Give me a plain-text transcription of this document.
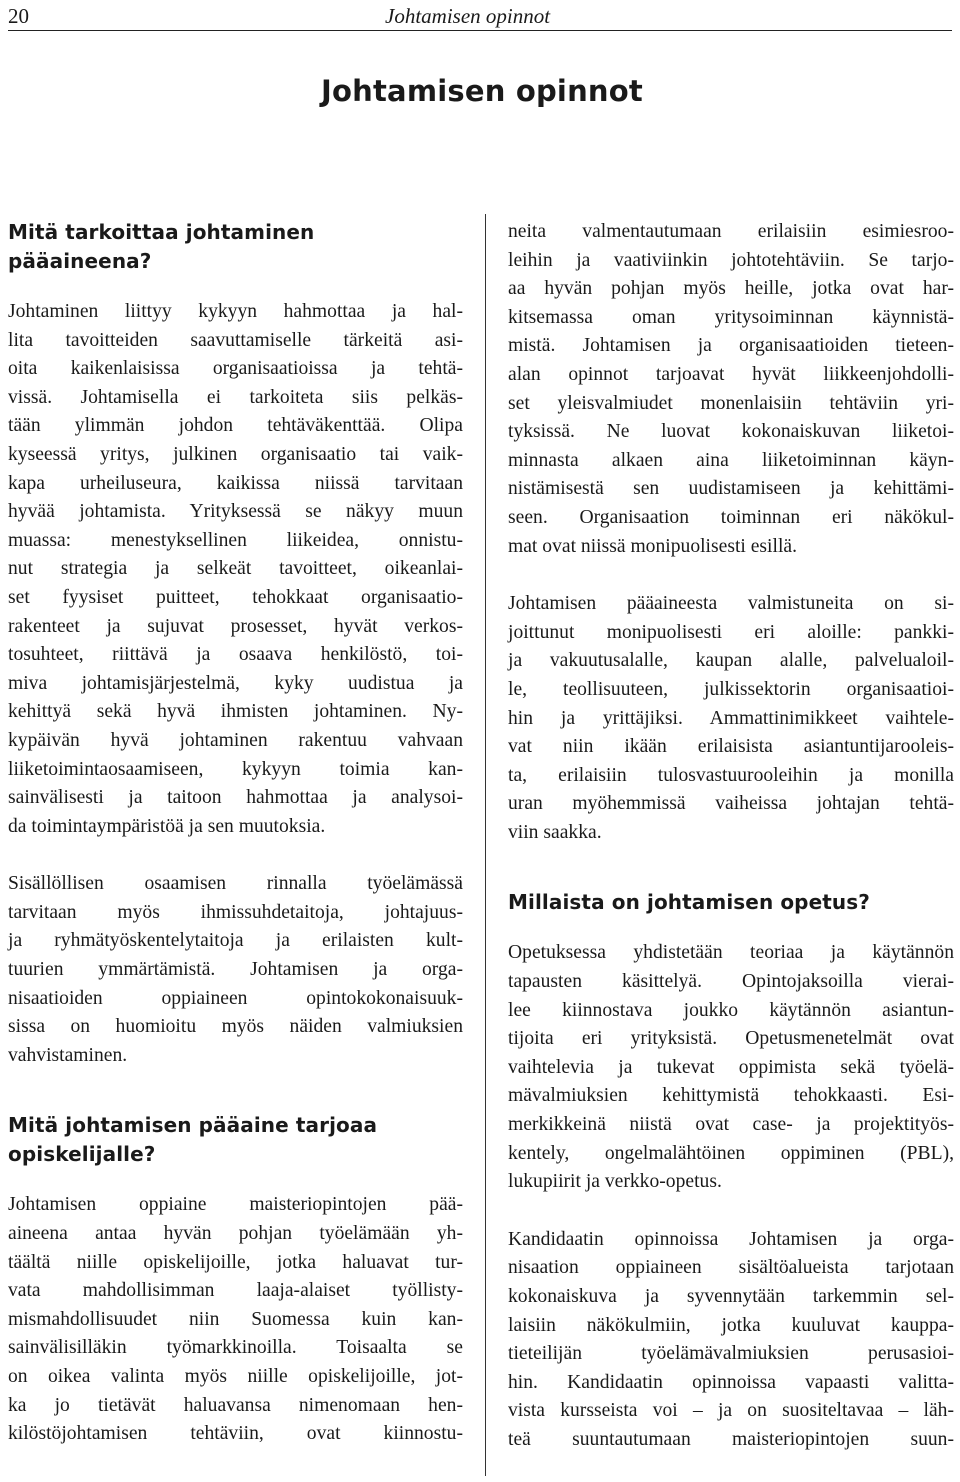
20	Johtamisen opinnot
Johtamisen opinnot
Mitä tarkoittaa johtaminen
pääaineena?

Johtaminen liittyy kykyyn hahmottaa ja hal-
lita tavoitteiden saavuttamiselle tärkeitä asi-
oita kaikenlaisissa organisaatioissa ja tehtä-
vissä. Johtamisella ei tarkoiteta siis pelkäs-
tään ylimmän johdon tehtäväkenttää. Olipa
kyseessä yritys, julkinen organisaatio tai vaik-
kapa urheiluseura, kaikissa niissä tarvitaan
hyvää johtamista. Yrityksessä se näkyy muun
muassa: menestyksellinen liikeidea, onnistu-
nut strategia ja selkeät tavoitteet, oikeanlai-
set fyysiset puitteet, tehokkaat organisaatio-
rakenteet ja sujuvat prosesset, hyvät verkos-
tosuhteet, riittävä ja osaava henkilöstö, toi-
miva johtamisjärjestelmä, kyky uudistua ja
kehittyä sekä hyvä ihmisten johtaminen. Ny-
kypäivän hyvä johtaminen rakentuu vahvaan
liiketoimintaosaamiseen, kykyyn toimia kan-
sainvälisesti ja taitoon hahmottaa ja analysoi-
da toimintaympäristöä ja sen muutoksia.

Sisällöllisen osaamisen rinnalla työelämässä
tarvitaan myös ihmissuhdetaitoja, johtajuus-
ja ryhmätyöskentelytaitoja ja erilaisten kult-
tuurien ymmärtämistä. Johtamisen ja orga-
nisaatioiden oppiaineen opintokokonaisuuk-
sissa on huomioitu myös näiden valmiuksien
vahvistaminen.

Mitä johtamisen pääaine tarjoaa
opiskelijalle?

Johtamisen oppiaine maisteriopintojen pää-
aineena antaa hyvän pohjan työelämään yh-
täältä niille opiskelijoille, jotka haluavat tur-
vata mahdollisimman laaja-alaiset työllisty-
mismahdollisuudet niin Suomessa kuin kan-
sainvälisilläkin työmarkkinoilla. Toisaalta se
on oikea valinta myös niille opiskelijoille, jot-
ka jo tietävät haluavansa nimenomaan hen-
kilöstöjohtamisen tehtäviin, ovat kiinnostu-

neita valmentautumaan erilaisiin esimiesroo-
leihin ja vaativiinkin johtotehtäviin. Se tarjo-
aa hyvän pohjan myös heille, jotka ovat har-
kitsemassa oman yritysoiminnan käynnistä-
mistä. Johtamisen ja organisaatioiden tieteen-
alan opinnot tarjoavat hyvät liikkeenjohdolli-
set yleisvalmiudet monenlaisiin tehtäviin yri-
tyksissä. Ne luovat kokonaiskuvan liiketoi-
minnasta alkaen aina liiketoiminnan käyn-
nistämisestä sen uudistamiseen ja kehittämi-
seen. Organisaation toiminnan eri näkökul-
mat ovat niissä monipuolisesti esillä.

Johtamisen pääaineesta valmistuneita on si-
joittunut monipuolisesti eri aloille: pankki-
ja vakuutusalalle, kaupan alalle, palvelualoil-
le, teollisuuteen, julkissektorin organisaatioi-
hin ja yrittäjiksi. Ammattinimikkeet vaihtele-
vat niin ikään erilaisista asiantuntijarooleis-
ta, erilaisiin tulosvastuurooleihin ja monilla
uran myöhemmissä vaiheissa johtajan tehtä-
viin saakka.

Millaista on johtamisen opetus?

Opetuksessa yhdistetään teoriaa ja käytännön
tapausten käsittelyä. Opintojaksoilla vierai-
lee kiinnostava joukko käytännön asiantun-
tijoita eri yrityksistä. Opetusmenetelmät ovat
vaihtelevia ja tukevat oppimista sekä työelä-
mävalmiuksien kehittymistä tehokkaasti. Esi-
merkikkeinä niistä ovat case- ja projektityös-
kentely, ongelmalähtöinen oppiminen (PBL),
lukupiirit ja verkko-opetus.

Kandidaatin opinnoissa Johtamisen ja orga-
nisaation oppiaineen sisältöalueista tarjotaan
kokonaiskuva ja syvennytään tarkemmin sel-
laisiin näkökulmiin, jotka kuuluvat kauppa-
tieteilijän työelämävalmiuksien perusasioi-
hin. Kandidaatin opinnoissa vapaasti valitta-
vista kursseista voi – ja on suositeltavaa – läh-
teä suuntautumaan maisteriopintojen suun-
